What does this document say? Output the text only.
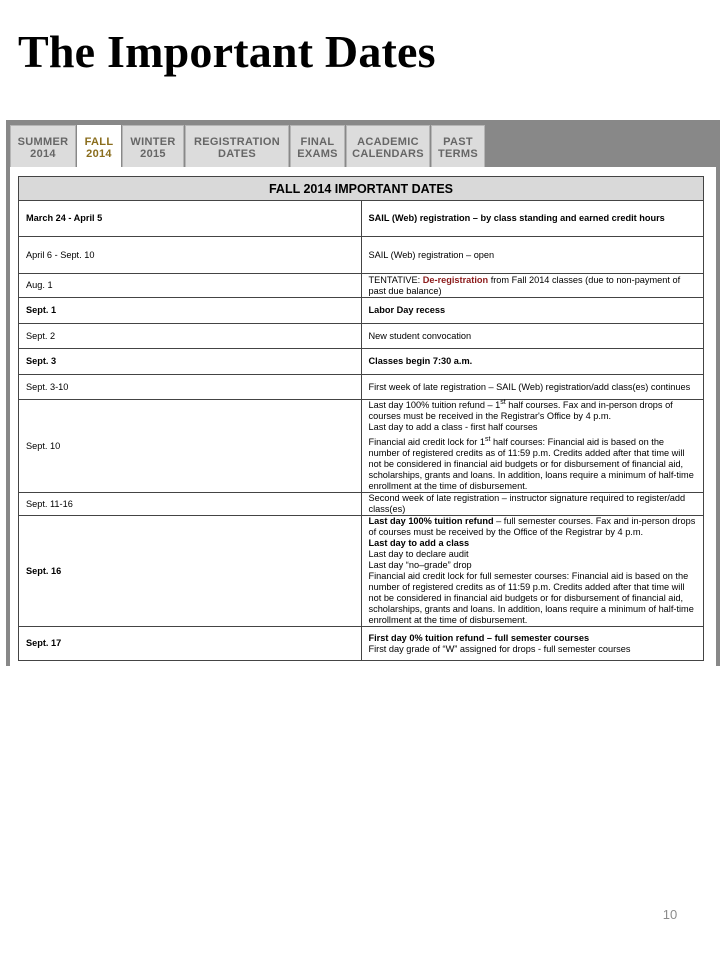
The Important Dates
SUMMER
2014
FALL
2014
WINTER
2015
REGISTRATION
DATES
FINAL
EXAMS
ACADEMIC
CALENDARS
PAST
TERMS
FALL 2014 IMPORTANT DATES	
March 24 - April 5	SAIL (Web) registration – by class standing and earned credit hours
April 6 - Sept. 10	SAIL (Web) registration – open
Aug. 1	TENTATIVE: De-registration from Fall 2014 classes (due to non-payment of past due balance)
Sept. 1	Labor Day recess
Sept. 2	New student convocation
Sept. 3	Classes begin 7:30 a.m.
Sept. 3-10	First week of late registration – SAIL (Web) registration/add class(es) continues
Sept. 10	Last day 100% tuition refund – 1st half courses. Fax and in-person drops of courses must be received in the Registrar's Office by 4 p.m.
Last day to add a class - first half courses
Financial aid credit lock for 1st half courses: Financial aid is based on the number of registered credits as of 11:59 p.m. Credits added after that time will not be considered in financial aid budgets or for disbursement of financial aid, scholarships, grants and loans. In addition, loans require a minimum of half-time enrollment at the time of disbursement.

Sept. 11-16	Second week of late registration – instructor signature required to register/add class(es)
Sept. 16	Last day 100% tuition refund – full semester courses. Fax and in-person drops of courses must be received by the Office of the Registrar by 4 p.m.
Last day to add a class
Last day to declare audit
Last day “no–grade” drop
Financial aid credit lock for full semester courses: Financial aid is based on the number of registered credits as of 11:59 p.m. Credits added after that time will not be considered in financial aid budgets or for disbursement of financial aid, scholarships, grants and loans. In addition, loans require a minimum of half-time enrollment at the time of disbursement.

Sept. 17	First day 0% tuition refund – full semester courses
First day grade of “W” assigned for drops - full semester courses
10
